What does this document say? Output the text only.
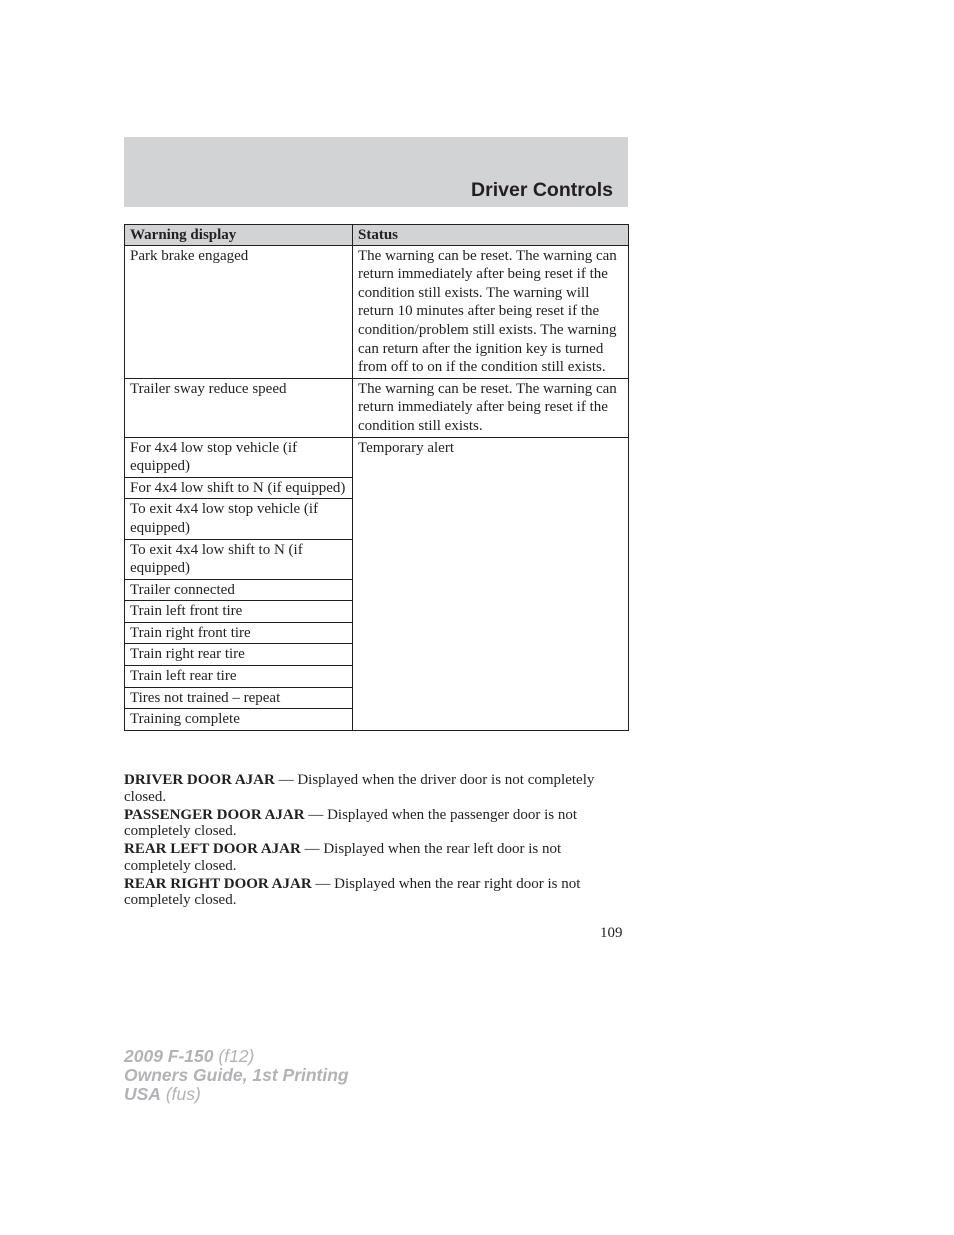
Driver Controls
Warning display	Status
Park brake engaged	The warning can be reset. The warning can return immediately after being reset if the condition still exists. The warning will return 10 minutes after being reset if the condition/problem still exists. The warning can return after the ignition key is turned from off to on if the condition still exists.
Trailer sway reduce speed	The warning can be reset. The warning can return immediately after being reset if the condition still exists.
For 4x4 low stop vehicle (if equipped)	Temporary alert
For 4x4 low shift to N (if equipped)	
To exit 4x4 low stop vehicle (if equipped)	
To exit 4x4 low shift to N (if equipped)	
Trailer connected	
Train left front tire	
Train right front tire	
Train right rear tire	
Train left rear tire	
Tires not trained – repeat	
Training complete	

DRIVER DOOR AJAR — Displayed when the driver door is not completely closed.

PASSENGER DOOR AJAR — Displayed when the passenger door is not completely closed.

REAR LEFT DOOR AJAR — Displayed when the rear left door is not completely closed.

REAR RIGHT DOOR AJAR — Displayed when the rear right door is not completely closed.

109
2009 F-150 (f12)
Owners Guide, 1st Printing
USA (fus)
